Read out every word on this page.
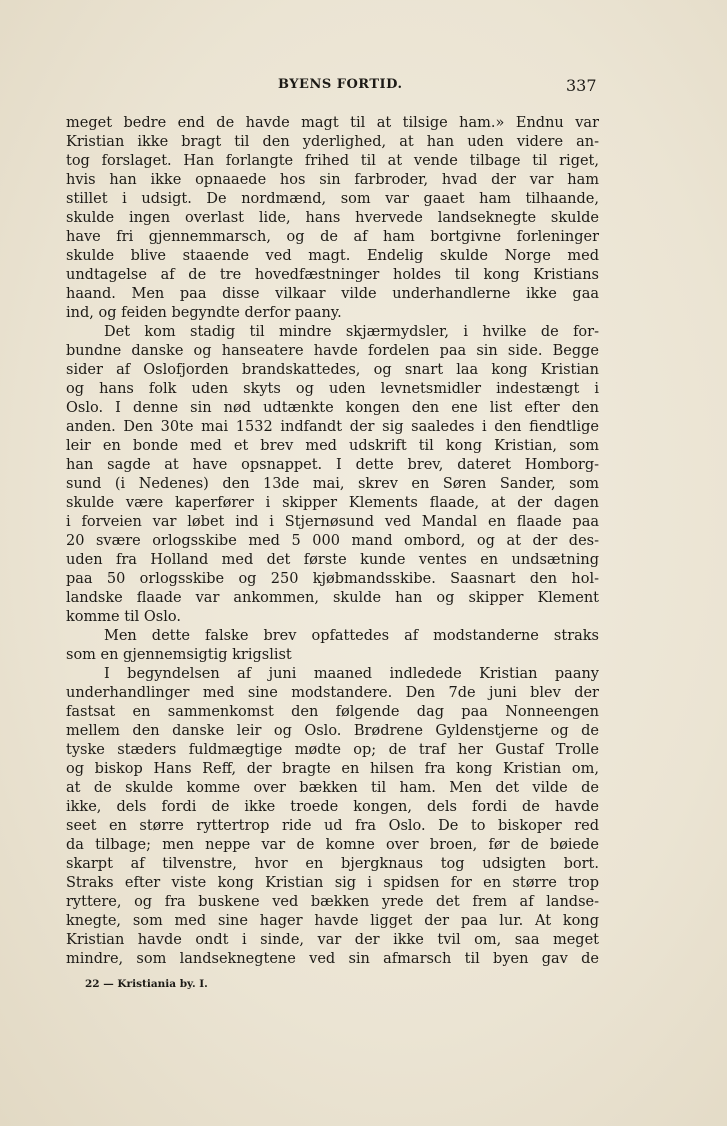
BYENS FORTID.	337
meget bedre end de havde magt til at tilsige ham.» Endnu var
Kristian ikke bragt til den yderlighed, at han uden videre an-
tog forslaget. Han forlangte frihed til at vende tilbage til riget,
hvis han ikke opnaaede hos sin farbroder, hvad der var ham
stillet i udsigt. De nordmænd, som var gaaet ham tilhaande,
skulde ingen overlast lide, hans hvervede landseknegte skulde
have fri gjennemmarsch, og de af ham bortgivne forleninger
skulde blive staaende ved magt. Endelig skulde Norge med
undtagelse af de tre hovedfæstninger holdes til kong Kristians
haand. Men paa disse vilkaar vilde underhandlerne ikke gaa
ind, og feiden begyndte derfor paany.
Det kom stadig til mindre skjærmydsler, i hvilke de for-
bundne danske og hanseatere havde fordelen paa sin side. Begge
sider af Oslofjorden brandskattedes, og snart laa kong Kristian
og hans folk uden skyts og uden levnetsmidler indestængt i
Oslo. I denne sin nød udtænkte kongen den ene list efter den
anden. Den 30te mai 1532 indfandt der sig saaledes i den fiendtlige
leir en bonde med et brev med udskrift til kong Kristian, som
han sagde at have opsnappet. I dette brev, dateret Homborg-
sund (i Nedenes) den 13de mai, skrev en Søren Sander, som
skulde være kaperfører i skipper Klements flaade, at der dagen
i forveien var løbet ind i Stjernøsund ved Mandal en flaade paa
20 svære orlogsskibe med 5 000 mand ombord, og at der des-
uden fra Holland med det første kunde ventes en undsætning
paa 50 orlogsskibe og 250 kjøbmandsskibe. Saasnart den hol-
landske flaade var ankommen, skulde han og skipper Klement
komme til Oslo.
Men dette falske brev opfattedes af modstanderne straks
som en gjennemsigtig krigslist
I begyndelsen af juni maaned indledede Kristian paany
underhandlinger med sine modstandere. Den 7de juni blev der
fastsat en sammenkomst den følgende dag paa Nonneengen
mellem den danske leir og Oslo. Brødrene Gyldenstjerne og de
tyske stæders fuldmægtige mødte op; de traf her Gustaf Trolle
og biskop Hans Reff, der bragte en hilsen fra kong Kristian om,
at de skulde komme over bækken til ham. Men det vilde de
ikke, dels fordi de ikke troede kongen, dels fordi de havde
seet en større ryttertrop ride ud fra Oslo. De to biskoper red
da tilbage; men neppe var de komne over broen, før de bøiede
skarpt af tilvenstre, hvor en bjergknaus tog udsigten bort.
Straks efter viste kong Kristian sig i spidsen for en større trop
ryttere, og fra buskene ved bækken yrede det frem af landse-
knegte, som med sine hager havde ligget der paa lur. At kong
Kristian havde ondt i sinde, var der ikke tvil om, saa meget
mindre, som landseknegtene ved sin afmarsch til byen gav de
22 — Kristiania by. I.
